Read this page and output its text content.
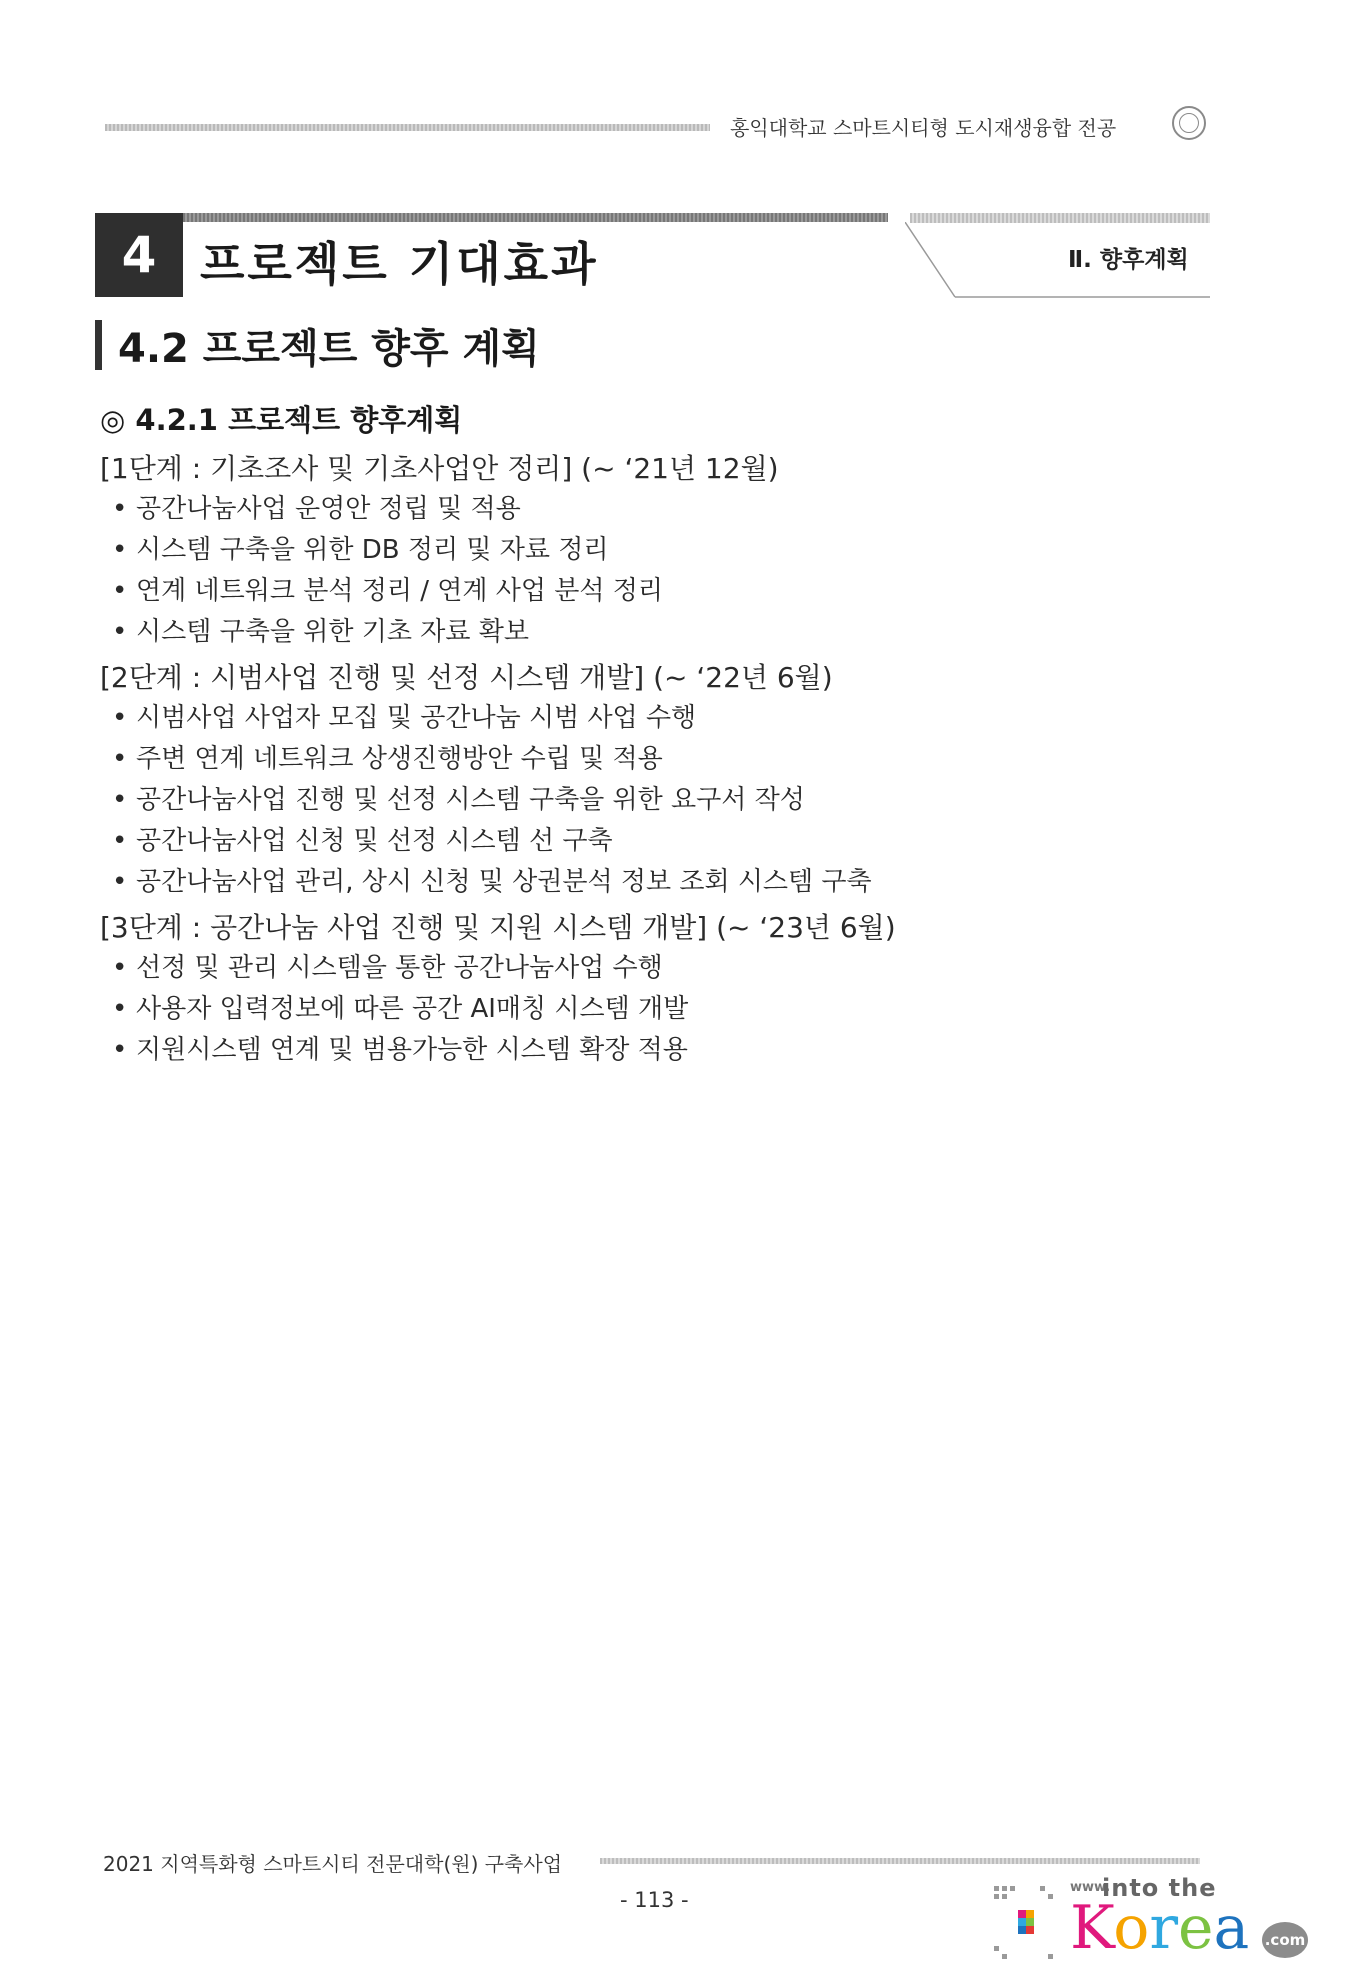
홍익대학교 스마트시티형 도시재생융합 전공
4 프로젝트 기대효과	Ⅱ. 향후계획
4.2 프로젝트 향후 계획
◎ 4.2.1 프로젝트 향후계획
[1단계 : 기초조사 및 기초사업안 정리] (~ ‘21년 12월)
• 공간나눔사업 운영안 정립 및 적용
• 시스템 구축을 위한 DB 정리 및 자료 정리
• 연계 네트워크 분석 정리 / 연계 사업 분석 정리
• 시스템 구축을 위한 기초 자료 확보
[2단계 : 시범사업 진행 및 선정 시스템 개발] (~ ‘22년 6월)
• 시범사업 사업자 모집 및 공간나눔 시범 사업 수행
• 주변 연계 네트워크 상생진행방안 수립 및 적용
• 공간나눔사업 진행 및 선정 시스템 구축을 위한 요구서 작성
• 공간나눔사업 신청 및 선정 시스템 선 구축
• 공간나눔사업 관리, 상시 신청 및 상권분석 정보 조회 시스템 구축
[3단계 : 공간나눔 사업 진행 및 지원 시스템 개발] (~ ‘23년 6월)
• 선정 및 관리 시스템을 통한 공간나눔사업 수행
• 사용자 입력정보에 따른 공간 AI매칭 시스템 개발
• 지원시스템 연계 및 범용가능한 시스템 확장 적용
2021 지역특화형 스마트시티 전문대학(원) 구축사업
- 113 -
www.
into the
Korea .com
